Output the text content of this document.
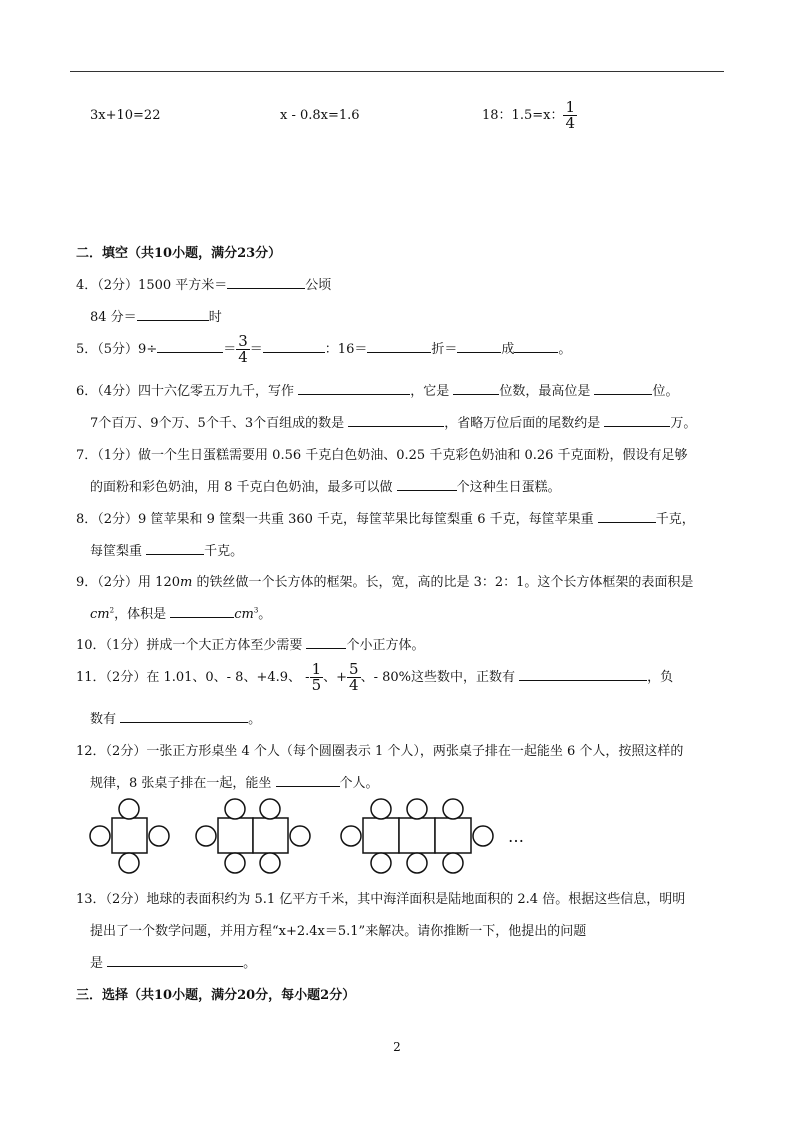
3x+10=22	x - 0.8x=1.6	18：1.5=x： $\frac{1}{4}$
二．填空（共10小题，满分23分）
4．（2分）1500 平方米＝	公顷
84 分＝	时
5．（5分）9÷	＝ $\frac{3}{4}$ ＝	：16＝	折＝	成	。
6．（4分）四十六亿零五万九千，写作	，它是	位数，最高位是	位。
7个百万、9个万、5个千、3个百组成的数是	，省略万位后面的尾数约是	万。
7．（1分）做一个生日蛋糕需要用 0.56 千克白色奶油、0.25 千克彩色奶油和 0.26 千克面粉，假设有足够
的面粉和彩色奶油，用 8 千克白色奶油，最多可以做	个这种生日蛋糕。
8．（2分）9 筐苹果和 9 筐梨一共重 360 千克，每筐苹果比每筐梨重 6 千克，每筐苹果重	千克，
每筐梨重	千克。
9．（2分）用 120m 的铁丝做一个长方体的框架。长，宽，高的比是 3：2：1。这个长方体框架的表面积是
$cm^2$，体积是	$cm^3$。
10．（1分）拼成一个大正方体至少需要	个小正方体。
11．（2分）在 1.01、0、- 8、+4.9、 - $\frac{1}{5}$ 、+ $\frac{5}{4}$ 、- 80%这些数中，正数有	，负
数有	。
12．（2分）一张正方形桌坐 4 个人（每个圆圈表示 1 个人），两张桌子排在一起能坐 6 个人，按照这样的
规律，8 张桌子排在一起，能坐	个人。
…
13．（2分）地球的表面积约为 5.1 亿平方千米，其中海洋面积是陆地面积的 2.4 倍。根据这些信息，明明
提出了一个数学问题，并用方程“x+2.4x＝5.1”来解决。请你推断一下，他提出的问题
是	。
三．选择（共10小题，满分20分，每小题2分）
2
